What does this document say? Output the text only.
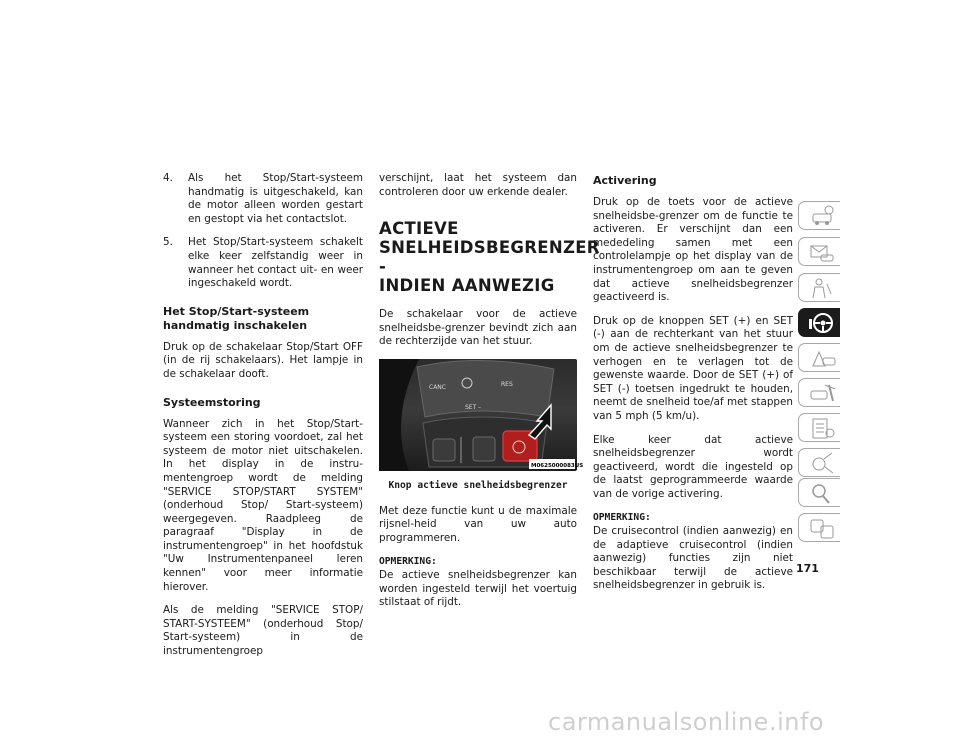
4. Als het Stop/Start-systeem handmatig is uitgeschakeld, kan de motor alleen worden gestart en gestopt via het contactslot.
5. Het Stop/Start-systeem schakelt elke keer zelfstandig weer in wanneer het contact uit- en weer ingeschakeld wordt.
Het Stop/Start-systeem handmatig inschakelen

Druk op de schakelaar Stop/Start OFF (in de rij schakelaars). Het lampje in de schakelaar dooft.

Systeemstoring

Wanneer zich in het Stop/Start-systeem een storing voordoet, zal het systeem de motor niet uitschakelen. In het display in de instru-mentengroep wordt de melding "SERVICE STOP/START SYSTEM" (onderhoud Stop/ Start-systeem) weergegeven. Raadpleeg de paragraaf "Display in de instrumentengroep" in het hoofdstuk "Uw Instrumentenpaneel leren kennen" voor meer informatie hierover.

Als de melding "SERVICE STOP/ START-SYSTEEM" (onderhoud Stop/ Start-systeem) in de instrumentengroep

verschijnt, laat het systeem dan controleren door uw erkende dealer.

ACTIEVE
SNELHEIDSBEGRENZER -
INDIEN AANWEZIG

De schakelaar voor de actieve snelheidsbe-grenzer bevindt zich aan de rechterzijde van het stuur.

CANC	RES
SET –
M0625000083US
Knop actieve snelheidsbegrenzer

Met deze functie kunt u de maximale rijsnel-heid van uw auto programmeren.

OPMERKING:
De actieve snelheidsbegrenzer kan worden ingesteld terwijl het voertuig stilstaat of rijdt.

Activering

Druk op de toets voor de actieve snelheidsbe-grenzer om de functie te activeren. Er verschijnt dan een mededeling samen met een controlelampje op het display van de instrumentengroep om aan te geven dat actieve snelheidsbegrenzer geactiveerd is.

Druk op de knoppen SET (+) en SET (-) aan de rechterkant van het stuur om de actieve snelheidsbegrenzer te verhogen en te verlagen tot de gewenste waarde. Door de SET (+) of SET (-) toetsen ingedrukt te houden, neemt de snelheid toe/af met stappen van 5 mph (5 km/u).

Elke keer dat actieve snelheidsbegrenzer wordt geactiveerd, wordt die ingesteld op de laatst geprogrammeerde waarde van de vorige activering.

OPMERKING:
De cruisecontrol (indien aanwezig) en de adaptieve cruisecontrol (indien aanwezig) functies zijn niet beschikbaar terwijl de actieve snelheidsbegrenzer in gebruik is.

171
carmanualsonline.info
